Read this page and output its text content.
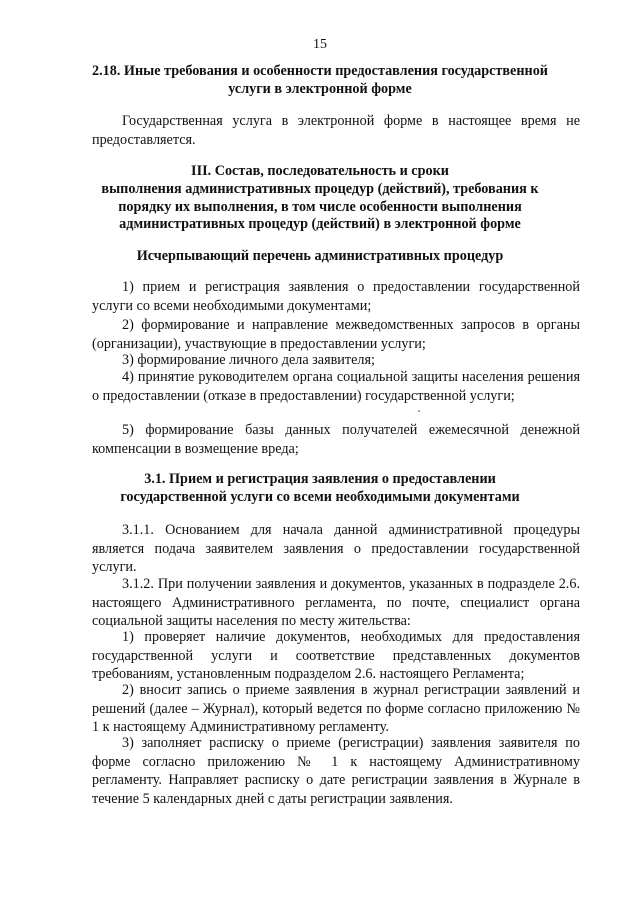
15
2.18. Иные требования и особенности предоставления государственной
услуги в электронной форме
Государственная услуга в электронной форме в настоящее время не предоставляется.
III. Состав, последовательность и сроки
выполнения административных процедур (действий), требования к
порядку их выполнения, в том числе особенности выполнения
административных процедур (действий) в электронной форме
Исчерпывающий перечень административных процедур
1) прием и регистрация заявления о предоставлении государственной услуги со всеми необходимыми документами;
2) формирование и направление межведомственных запросов в органы (организации), участвующие в предоставлении услуги;
3) формирование личного дела заявителя;
4) принятие руководителем органа социальной защиты населения решения о предоставлении (отказе в предоставлении) государственной услуги;
5) формирование базы данных получателей ежемесячной денежной компенсации в возмещение вреда;
3.1. Прием и регистрация заявления о предоставлении
государственной услуги со всеми необходимыми документами
3.1.1. Основанием для начала данной административной процедуры является подача заявителем заявления о предоставлении государственной услуги.
3.1.2. При получении заявления и документов, указанных в подразделе 2.6. настоящего Административного регламента, по почте, специалист органа социальной защиты населения по месту жительства:
1) проверяет наличие документов, необходимых для предоставления государственной услуги и соответствие представленных документов требованиям, установленным подразделом 2.6. настоящего Регламента;
2) вносит запись о приеме заявления в журнал регистрации заявлений и решений (далее – Журнал), который ведется по форме согласно приложению № 1 к настоящему Административному регламенту.
3) заполняет расписку о приеме (регистрации) заявления заявителя по форме согласно приложению № 1 к настоящему Административному регламенту. Направляет расписку о дате регистрации заявления в Журнале в течение 5 календарных дней с даты регистрации заявления.
